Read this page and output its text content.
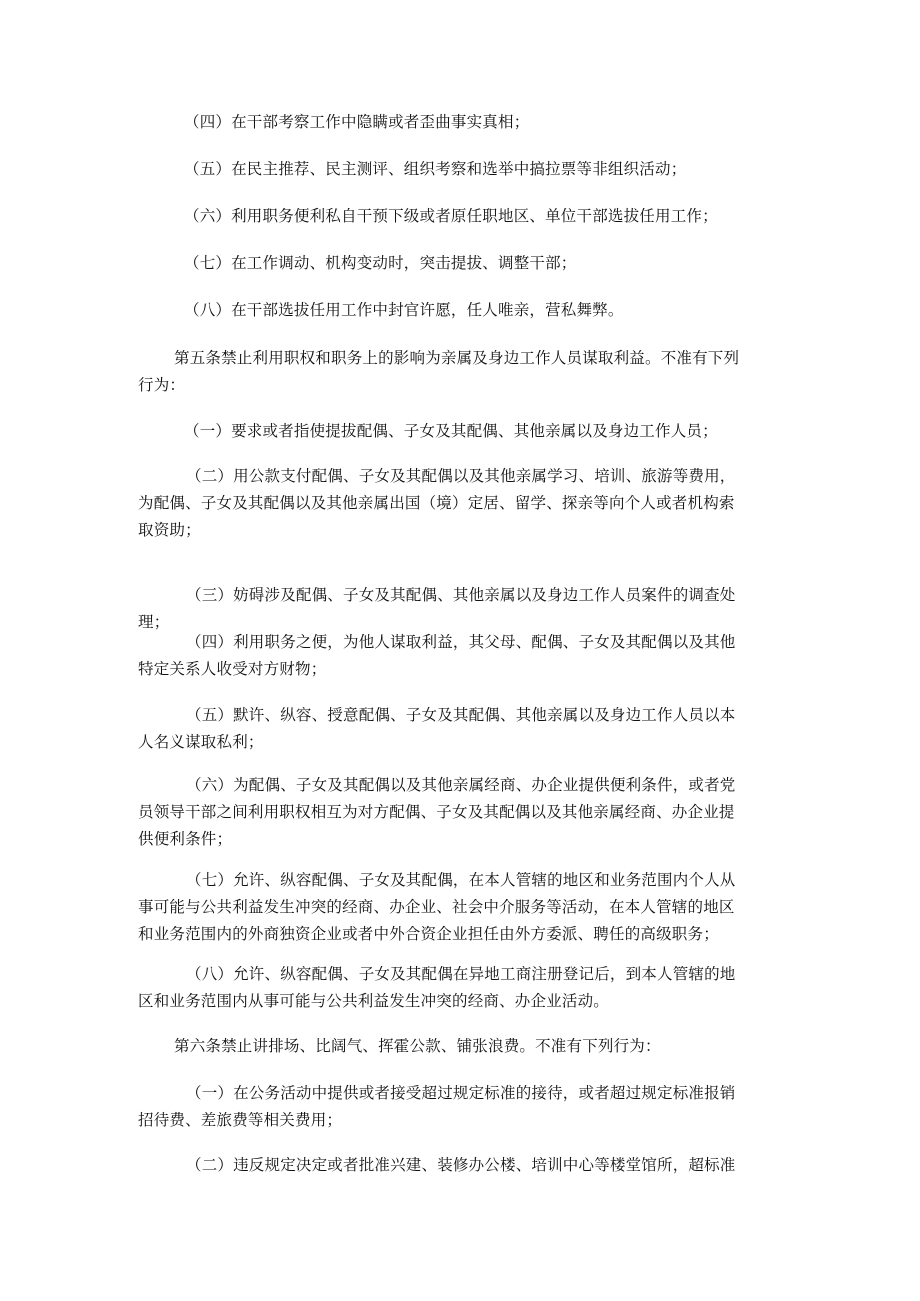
（四）在干部考察工作中隐瞒或者歪曲事实真相；

（五）在民主推荐、民主测评、组织考察和选举中搞拉票等非组织活动；

（六）利用职务便利私自干预下级或者原任职地区、单位干部选拔任用工作；

（七）在工作调动、机构变动时，突击提拔、调整干部；

（八）在干部选拔任用工作中封官许愿，任人唯亲，营私舞弊。

第五条禁止利用职权和职务上的影响为亲属及身边工作人员谋取利益。不准有下列
行为：

（一）要求或者指使提拔配偶、子女及其配偶、其他亲属以及身边工作人员；

（二）用公款支付配偶、子女及其配偶以及其他亲属学习、培训、旅游等费用，
为配偶、子女及其配偶以及其他亲属出国（境）定居、留学、探亲等向个人或者机构索
取资助；

（三）妨碍涉及配偶、子女及其配偶、其他亲属以及身边工作人员案件的调查处
理；

（四）利用职务之便，为他人谋取利益，其父母、配偶、子女及其配偶以及其他
特定关系人收受对方财物；

（五）默许、纵容、授意配偶、子女及其配偶、其他亲属以及身边工作人员以本
人名义谋取私利；

（六）为配偶、子女及其配偶以及其他亲属经商、办企业提供便利条件，或者党
员领导干部之间利用职权相互为对方配偶、子女及其配偶以及其他亲属经商、办企业提
供便利条件；

（七）允许、纵容配偶、子女及其配偶，在本人管辖的地区和业务范围内个人从
事可能与公共利益发生冲突的经商、办企业、社会中介服务等活动，在本人管辖的地区
和业务范围内的外商独资企业或者中外合资企业担任由外方委派、聘任的高级职务；

（八）允许、纵容配偶、子女及其配偶在异地工商注册登记后，到本人管辖的地
区和业务范围内从事可能与公共利益发生冲突的经商、办企业活动。

第六条禁止讲排场、比阔气、挥霍公款、铺张浪费。不准有下列行为：

（一）在公务活动中提供或者接受超过规定标准的接待，或者超过规定标准报销
招待费、差旅费等相关费用；

（二）违反规定决定或者批准兴建、装修办公楼、培训中心等楼堂馆所，超标准
